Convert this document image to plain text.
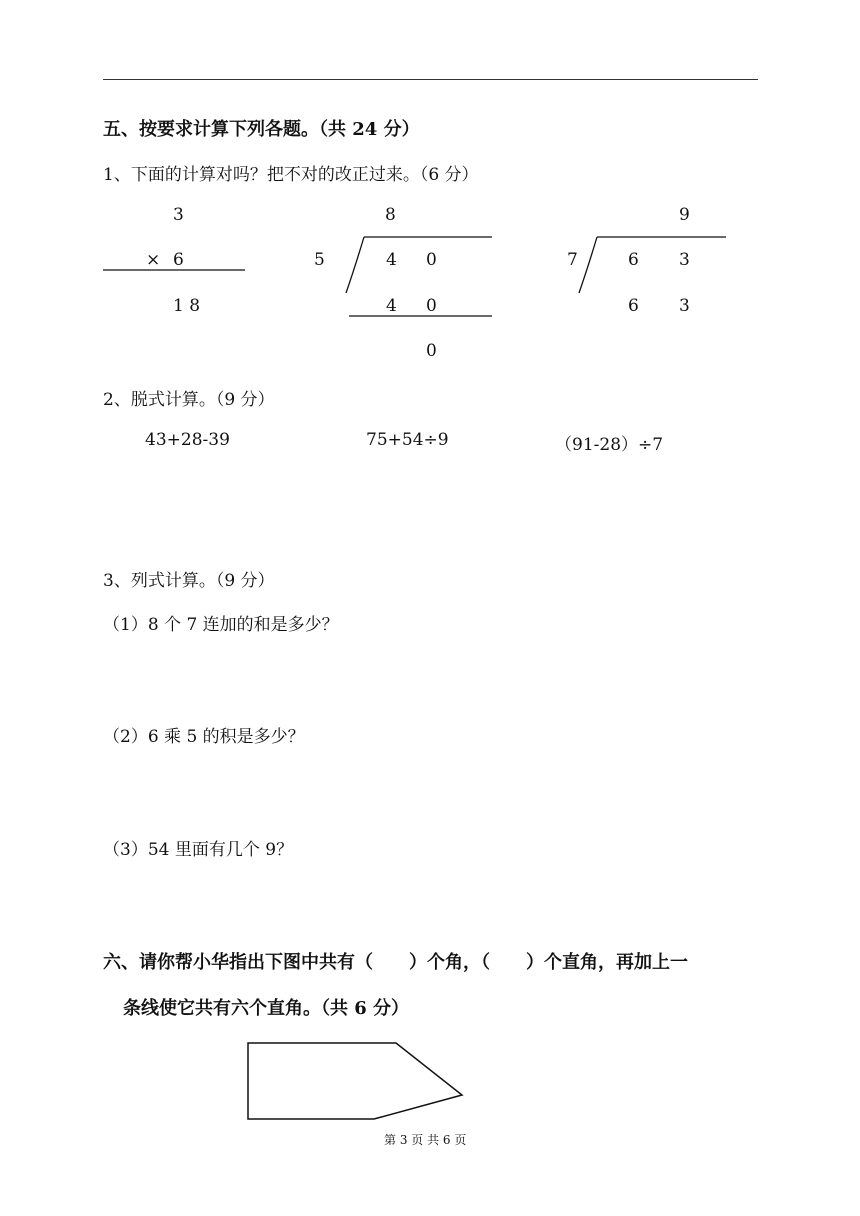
五、按要求计算下列各题。（共 24 分）
1、下面的计算对吗？把不对的改正过来。（6 分）
3
× 6
1 8
8
5	4 0
4 0
0
9
7	6 3
6 3
2、脱式计算。（9 分）
43+28-39	75+54÷9	（91-28）÷7
3、列式计算。（9 分）
（1）8 个 7 连加的和是多少？
（2）6 乘 5 的积是多少？
（3）54 里面有几个 9？
六、请你帮小华指出下图中共有（　　）个角，（　　）个直角，再加上一
条线使它共有六个直角。（共 6 分）
第 3 页 共 6 页
